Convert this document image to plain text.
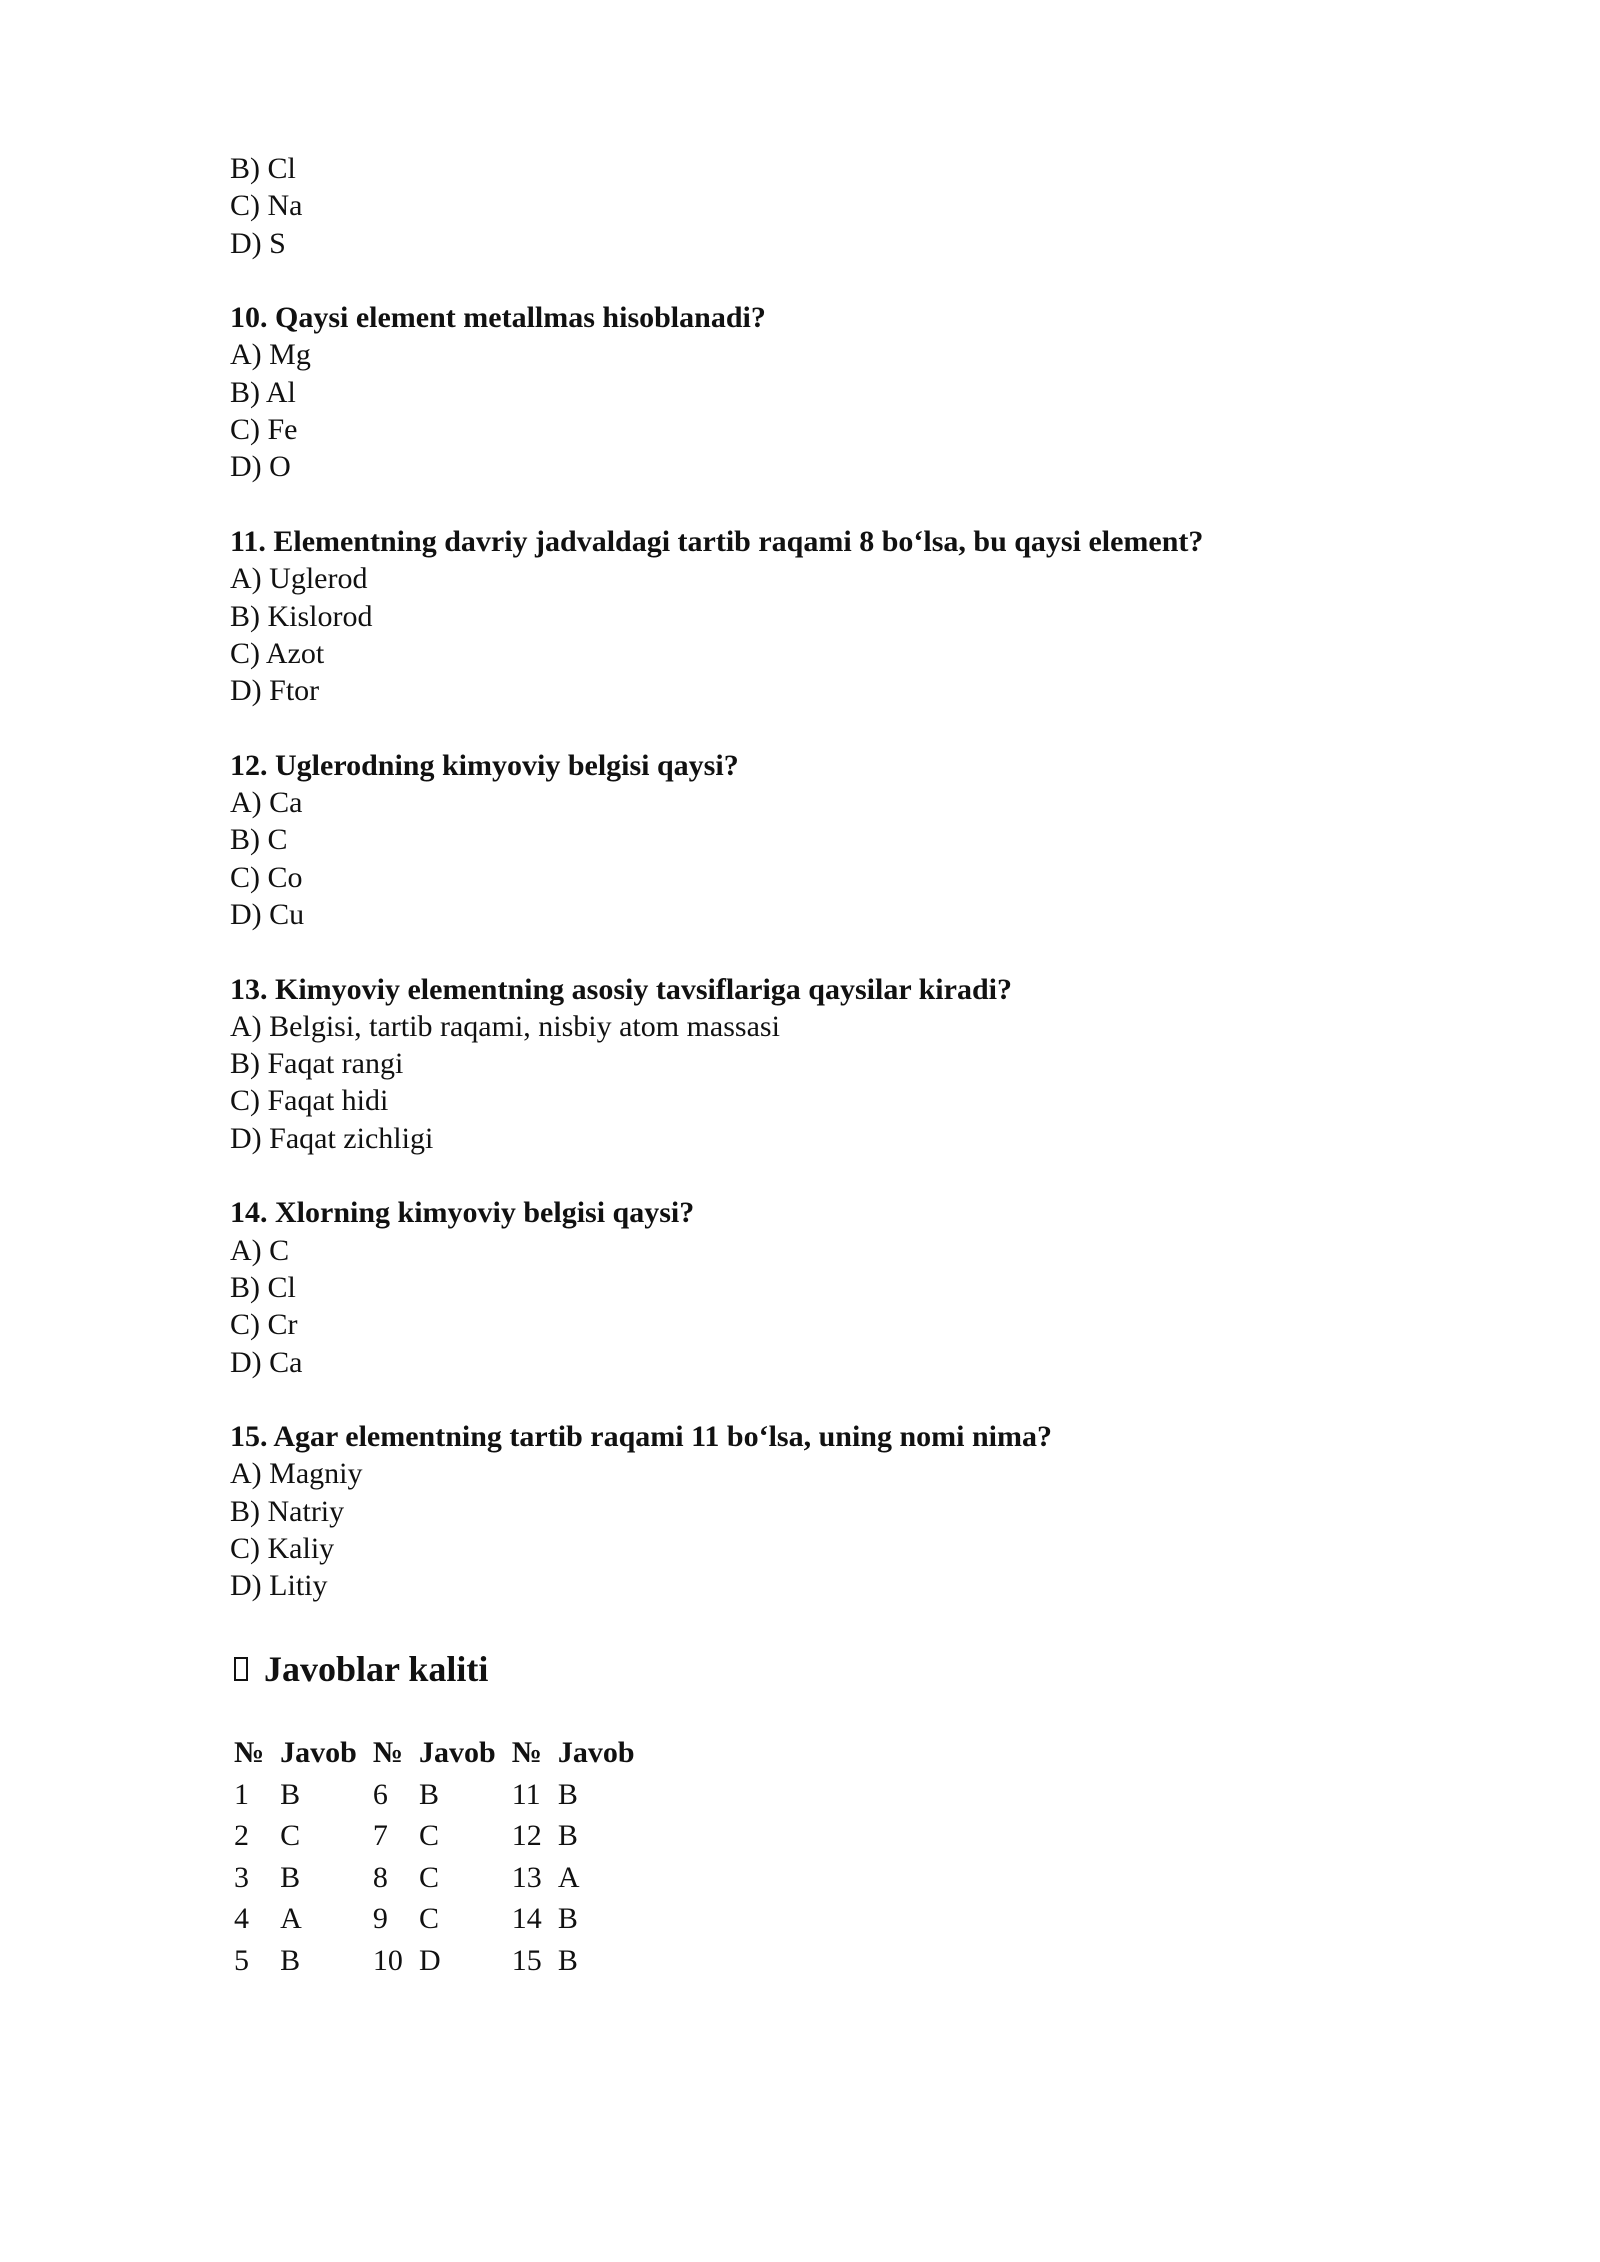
B) Cl
C) Na
D) S
10. Qaysi element metallmas hisoblanadi?
A) Mg
B) Al
C) Fe
D) O
11. Elementning davriy jadvaldagi tartib raqami 8 bo‘lsa, bu qaysi element?
A) Uglerod
B) Kislorod
C) Azot
D) Ftor
12. Uglerodning kimyoviy belgisi qaysi?
A) Ca
B) C
C) Co
D) Cu
13. Kimyoviy elementning asosiy tavsiflariga qaysilar kiradi?
A) Belgisi, tartib raqami, nisbiy atom massasi
B) Faqat rangi
C) Faqat hidi
D) Faqat zichligi
14. Xlorning kimyoviy belgisi qaysi?
A) C
B) Cl
C) Cr
D) Ca
15. Agar elementning tartib raqami 11 bo‘lsa, uning nomi nima?
A) Magniy
B) Natriy
C) Kaliy
D) Litiy
Javoblar kaliti
№	Javob	№	Javob	№	Javob
1	B	6	B	11	B
2	C	7	C	12	B
3	B	8	C	13	A
4	A	9	C	14	B
5	B	10	D	15	B
